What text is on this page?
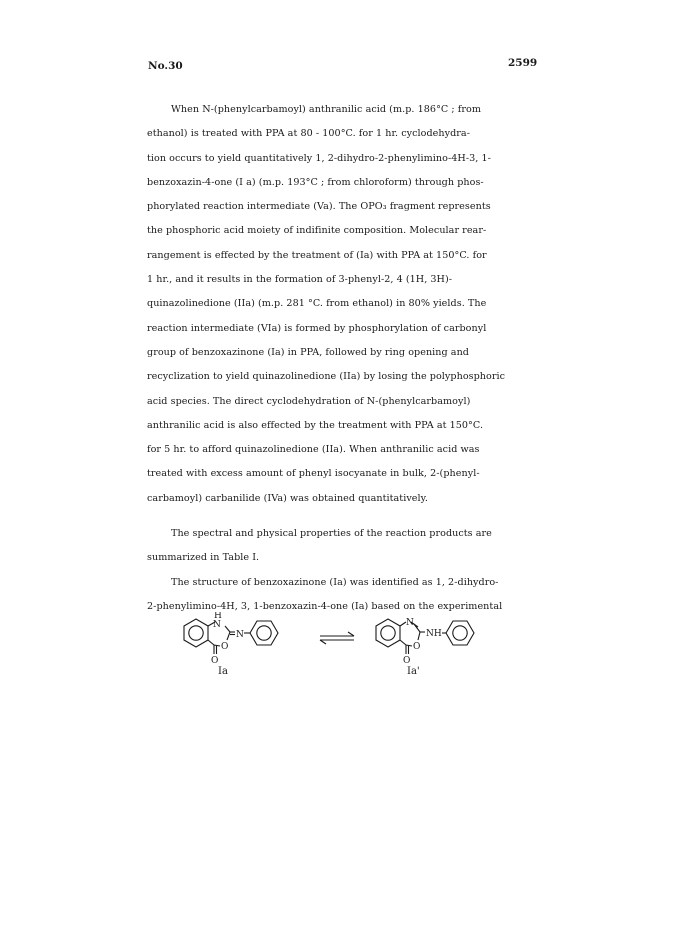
No.30	2599
When N-(phenylcarbamoyl) anthranilic acid (m.p. 186°C ; from
ethanol) is treated with PPA at 80 - 100°C. for 1 hr. cyclodehydra-
tion occurs to yield quantitatively 1, 2-dihydro-2-phenylimino-4H-3, 1-
benzoxazin-4-one (I a) (m.p. 193°C ; from chloroform) through phos-
phorylated reaction intermediate (Va). The OPO₃ fragment represents
the phosphoric acid moiety of indifinite composition. Molecular rear-
rangement is effected by the treatment of (Ia) with PPA at 150°C. for
1 hr., and it results in the formation of 3-phenyl-2, 4 (1H, 3H)-
quinazolinedione (IIa) (m.p. 281 °C. from ethanol) in 80% yields. The
reaction intermediate (VIa) is formed by phosphorylation of carbonyl
group of benzoxazinone (Ia) in PPA, followed by ring opening and
recyclization to yield quinazolinedione (IIa) by losing the polyphosphoric
acid species. The direct cyclodehydration of N-(phenylcarbamoyl)
anthranilic acid is also effected by the treatment with PPA at 150°C.
for 5 hr. to afford quinazolinedione (IIa). When anthranilic acid was
treated with excess amount of phenyl isocyanate in bulk, 2-(phenyl-
carbamoyl) carbanilide (IVa) was obtained quantitatively.
The spectral and physical properties of the reaction products are
summarized in Table I.
The structure of benzoxazinone (Ia) was identified as 1, 2-dihydro-
2-phenylimino-4H, 3, 1-benzoxazin-4-one (Ia) based on the experimental
H
N
O
N
O
N
O
NH
O
Ia	Ia'
